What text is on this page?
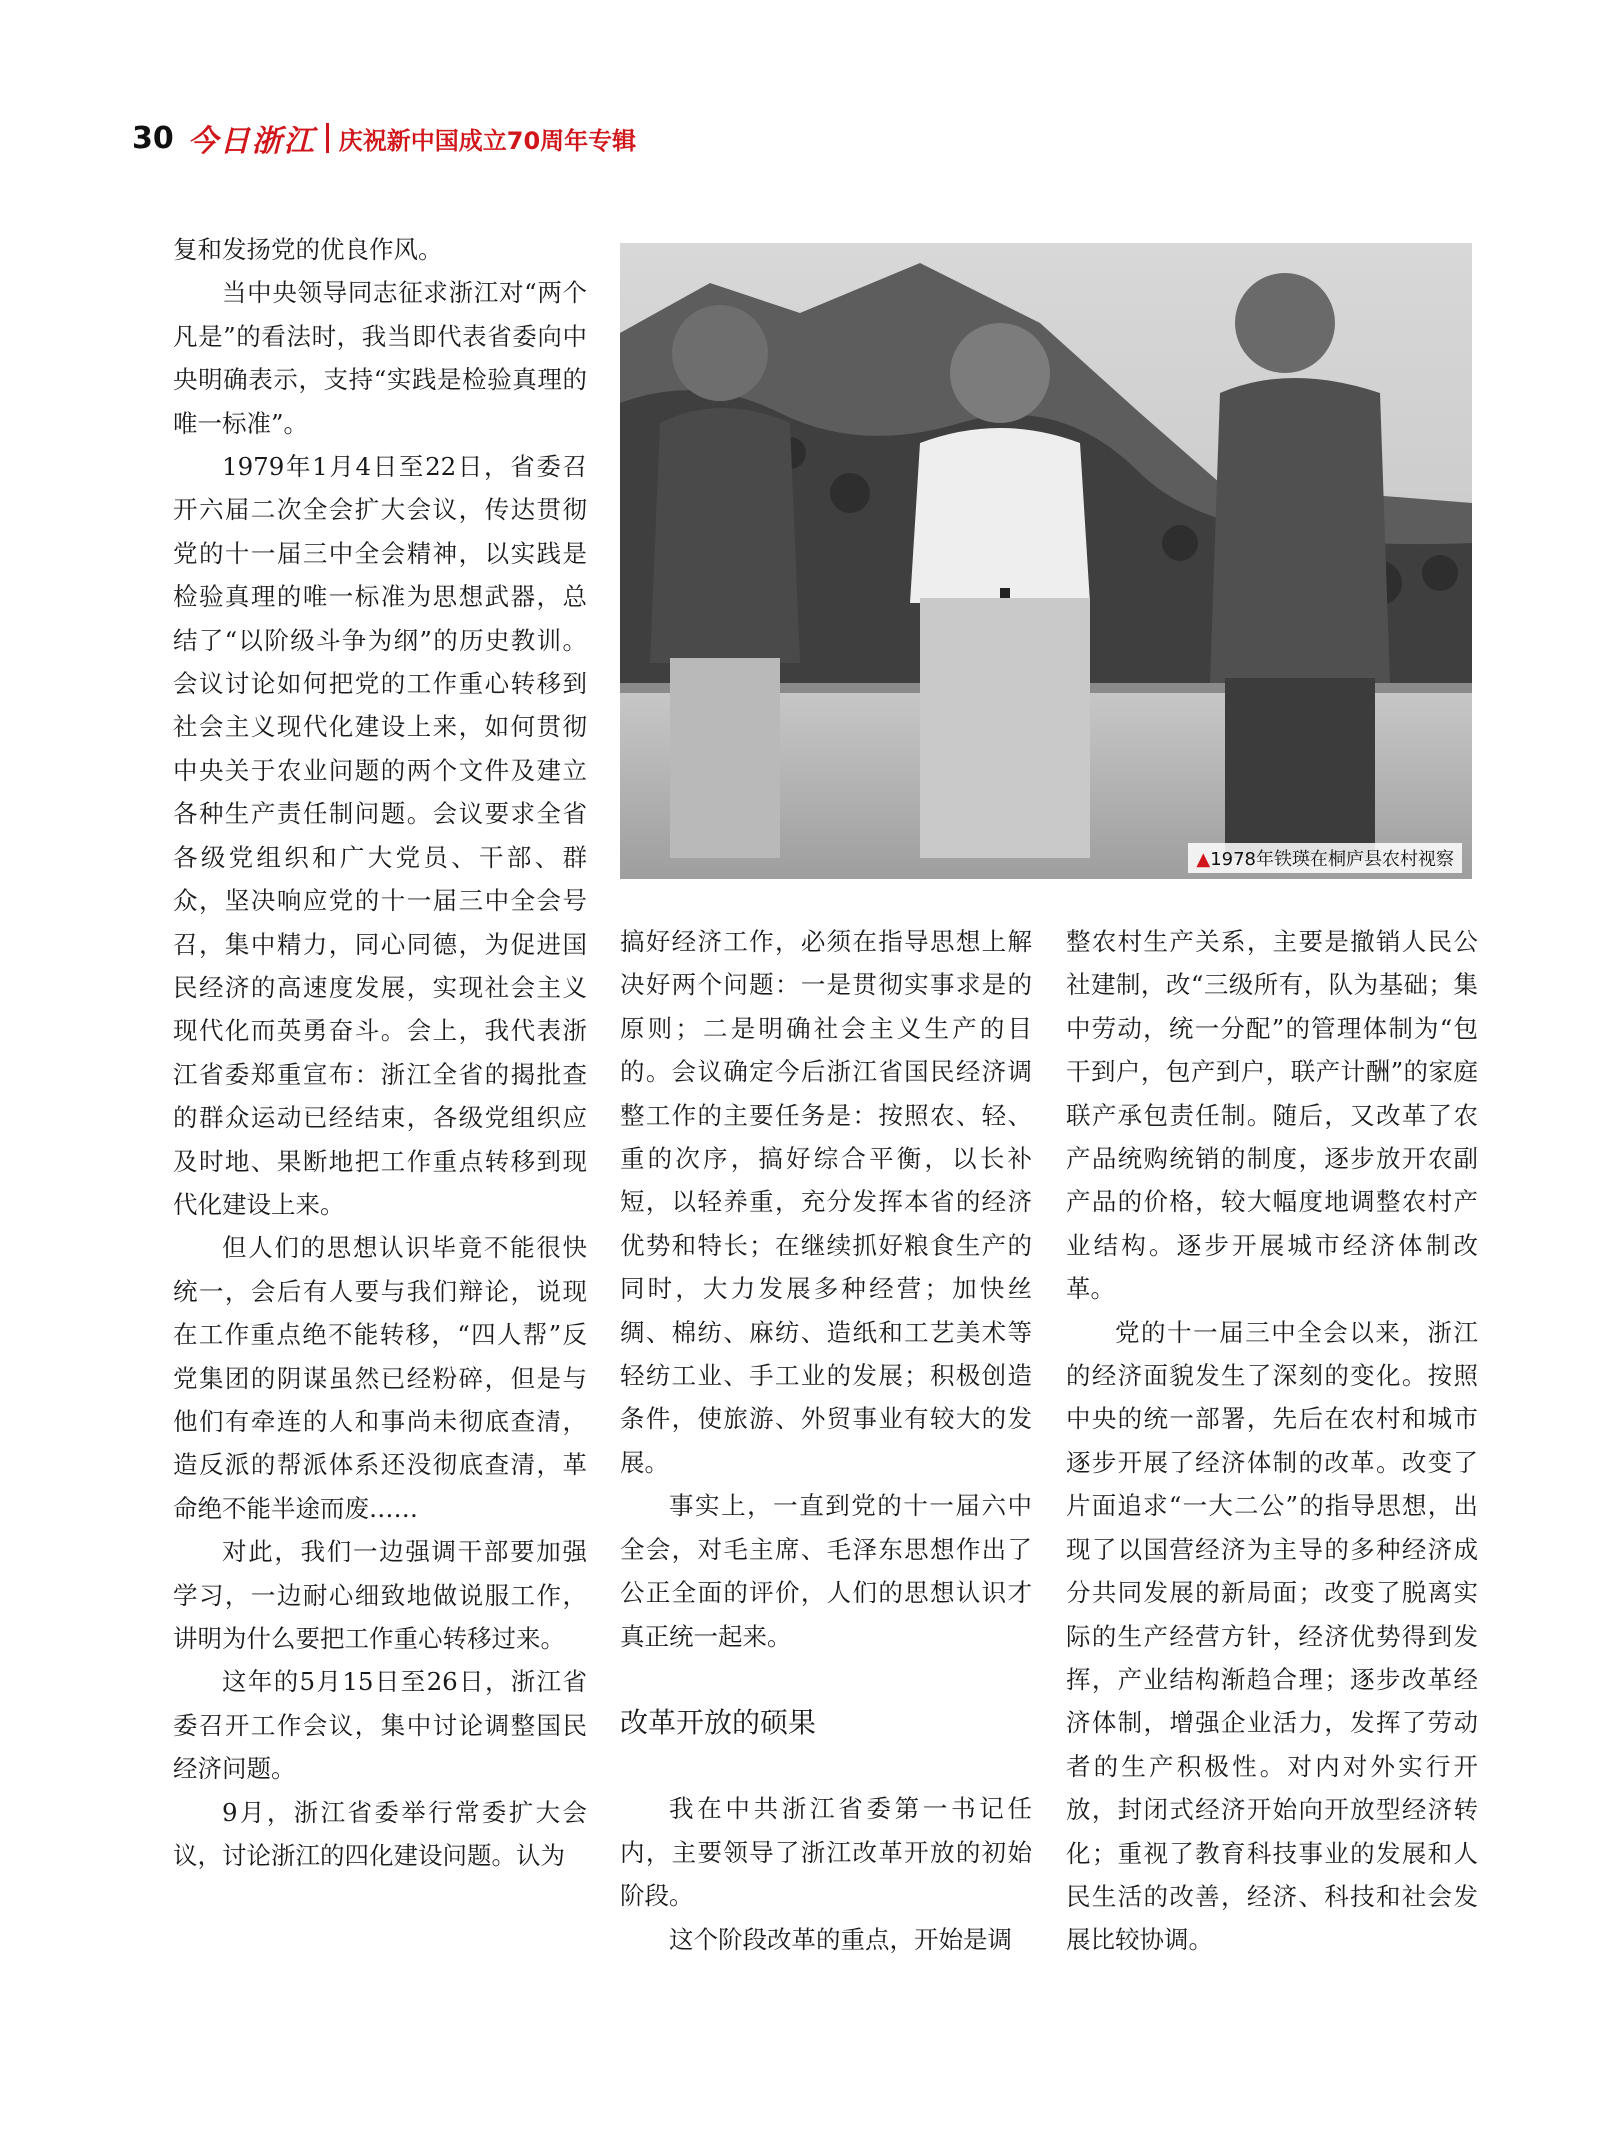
30 今日浙江 庆祝新中国成立70周年专辑

复和发扬党的优良作风。

当中央领导同志征求浙江对“两个凡是”的看法时，我当即代表省委向中央明确表示，支持“实践是检验真理的唯一标准”。

1979年1月4日至22日，省委召开六届二次全会扩大会议，传达贯彻党的十一届三中全会精神，以实践是检验真理的唯一标准为思想武器，总结了“以阶级斗争为纲”的历史教训。会议讨论如何把党的工作重心转移到社会主义现代化建设上来，如何贯彻中央关于农业问题的两个文件及建立各种生产责任制问题。会议要求全省各级党组织和广大党员、干部、群众，坚决响应党的十一届三中全会号召，集中精力，同心同德，为促进国民经济的高速度发展，实现社会主义现代化而英勇奋斗。会上，我代表浙江省委郑重宣布：浙江全省的揭批查的群众运动已经结束，各级党组织应及时地、果断地把工作重点转移到现代化建设上来。

但人们的思想认识毕竟不能很快统一，会后有人要与我们辩论，说现在工作重点绝不能转移，“四人帮”反党集团的阴谋虽然已经粉碎，但是与他们有牵连的人和事尚未彻底查清，造反派的帮派体系还没彻底查清，革命绝不能半途而废……

对此，我们一边强调干部要加强学习，一边耐心细致地做说服工作，讲明为什么要把工作重心转移过来。

这年的5月15日至26日，浙江省委召开工作会议，集中讨论调整国民经济问题。

9月，浙江省委举行常委扩大会议，讨论浙江的四化建设问题。认为

▲1978年铁瑛在桐庐县农村视察

搞好经济工作，必须在指导思想上解决好两个问题：一是贯彻实事求是的原则；二是明确社会主义生产的目的。会议确定今后浙江省国民经济调整工作的主要任务是：按照农、轻、重的次序，搞好综合平衡，以长补短，以轻养重，充分发挥本省的经济优势和特长；在继续抓好粮食生产的同时，大力发展多种经营；加快丝绸、棉纺、麻纺、造纸和工艺美术等轻纺工业、手工业的发展；积极创造条件，使旅游、外贸事业有较大的发展。

事实上，一直到党的十一届六中全会，对毛主席、毛泽东思想作出了公正全面的评价，人们的思想认识才真正统一起来。

改革开放的硕果

我在中共浙江省委第一书记任内，主要领导了浙江改革开放的初始阶段。

这个阶段改革的重点，开始是调

整农村生产关系，主要是撤销人民公社建制，改“三级所有，队为基础；集中劳动，统一分配”的管理体制为“包干到户，包产到户，联产计酬”的家庭联产承包责任制。随后，又改革了农产品统购统销的制度，逐步放开农副产品的价格，较大幅度地调整农村产业结构。逐步开展城市经济体制改革。

党的十一届三中全会以来，浙江的经济面貌发生了深刻的变化。按照中央的统一部署，先后在农村和城市逐步开展了经济体制的改革。改变了片面追求“一大二公”的指导思想，出现了以国营经济为主导的多种经济成分共同发展的新局面；改变了脱离实际的生产经营方针，经济优势得到发挥，产业结构渐趋合理；逐步改革经济体制，增强企业活力，发挥了劳动者的生产积极性。对内对外实行开放，封闭式经济开始向开放型经济转化；重视了教育科技事业的发展和人民生活的改善，经济、科技和社会发展比较协调。
